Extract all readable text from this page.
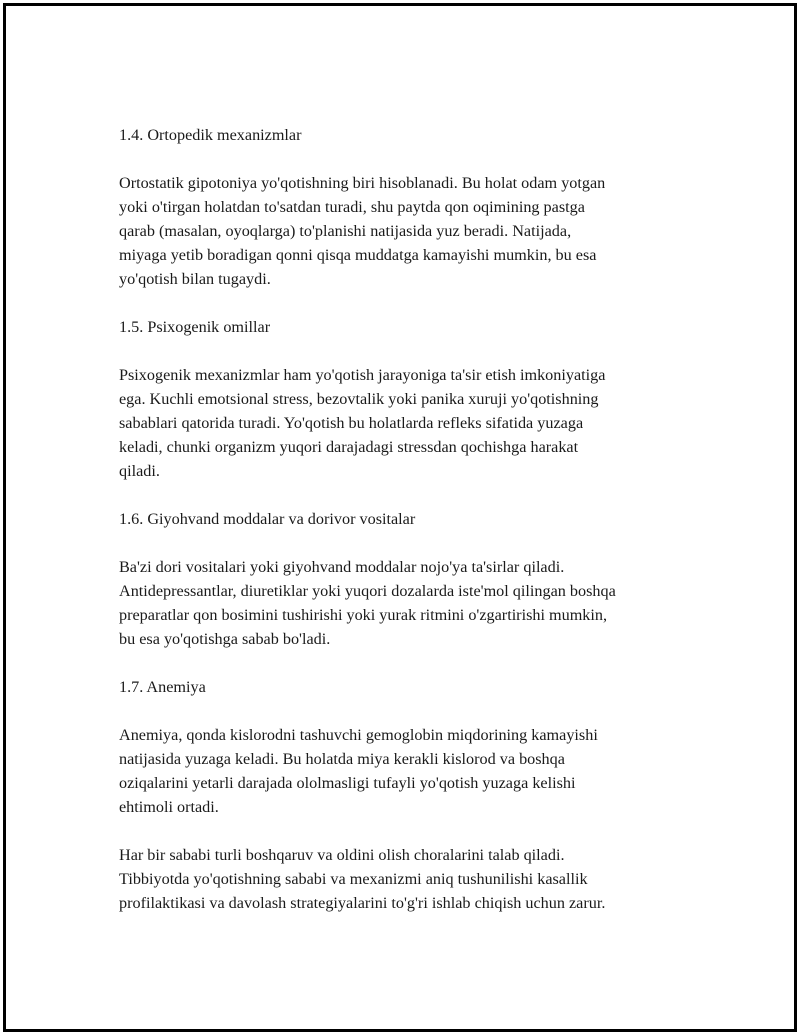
1.4. Ortopedik mexanizmlar

Ortostatik gipotoniya yo'qotishning biri hisoblanadi. Bu holat odam yotgan
yoki o'tirgan holatdan to'satdan turadi, shu paytda qon oqimining pastga
qarab (masalan, oyoqlarga) to'planishi natijasida yuz beradi. Natijada,
miyaga yetib boradigan qonni qisqa muddatga kamayishi mumkin, bu esa
yo'qotish bilan tugaydi.

1.5. Psixogenik omillar

Psixogenik mexanizmlar ham yo'qotish jarayoniga ta'sir etish imkoniyatiga
ega. Kuchli emotsional stress, bezovtalik yoki panika xuruji yo'qotishning
sabablari qatorida turadi. Yo'qotish bu holatlarda refleks sifatida yuzaga
keladi, chunki organizm yuqori darajadagi stressdan qochishga harakat
qiladi.

1.6. Giyohvand moddalar va dorivor vositalar

Ba'zi dori vositalari yoki giyohvand moddalar nojo'ya ta'sirlar qiladi.
Antidepressantlar, diuretiklar yoki yuqori dozalarda iste'mol qilingan boshqa
preparatlar qon bosimini tushirishi yoki yurak ritmini o'zgartirishi mumkin,
bu esa yo'qotishga sabab bo'ladi.

1.7. Anemiya

Anemiya, qonda kislorodni tashuvchi gemoglobin miqdorining kamayishi
natijasida yuzaga keladi. Bu holatda miya kerakli kislorod va boshqa
oziqalarini yetarli darajada ololmasligi tufayli yo'qotish yuzaga kelishi
ehtimoli ortadi.

Har bir sababi turli boshqaruv va oldini olish choralarini talab qiladi.
Tibbiyotda yo'qotishning sababi va mexanizmi aniq tushunilishi kasallik
profilaktikasi va davolash strategiyalarini to'g'ri ishlab chiqish uchun zarur.
